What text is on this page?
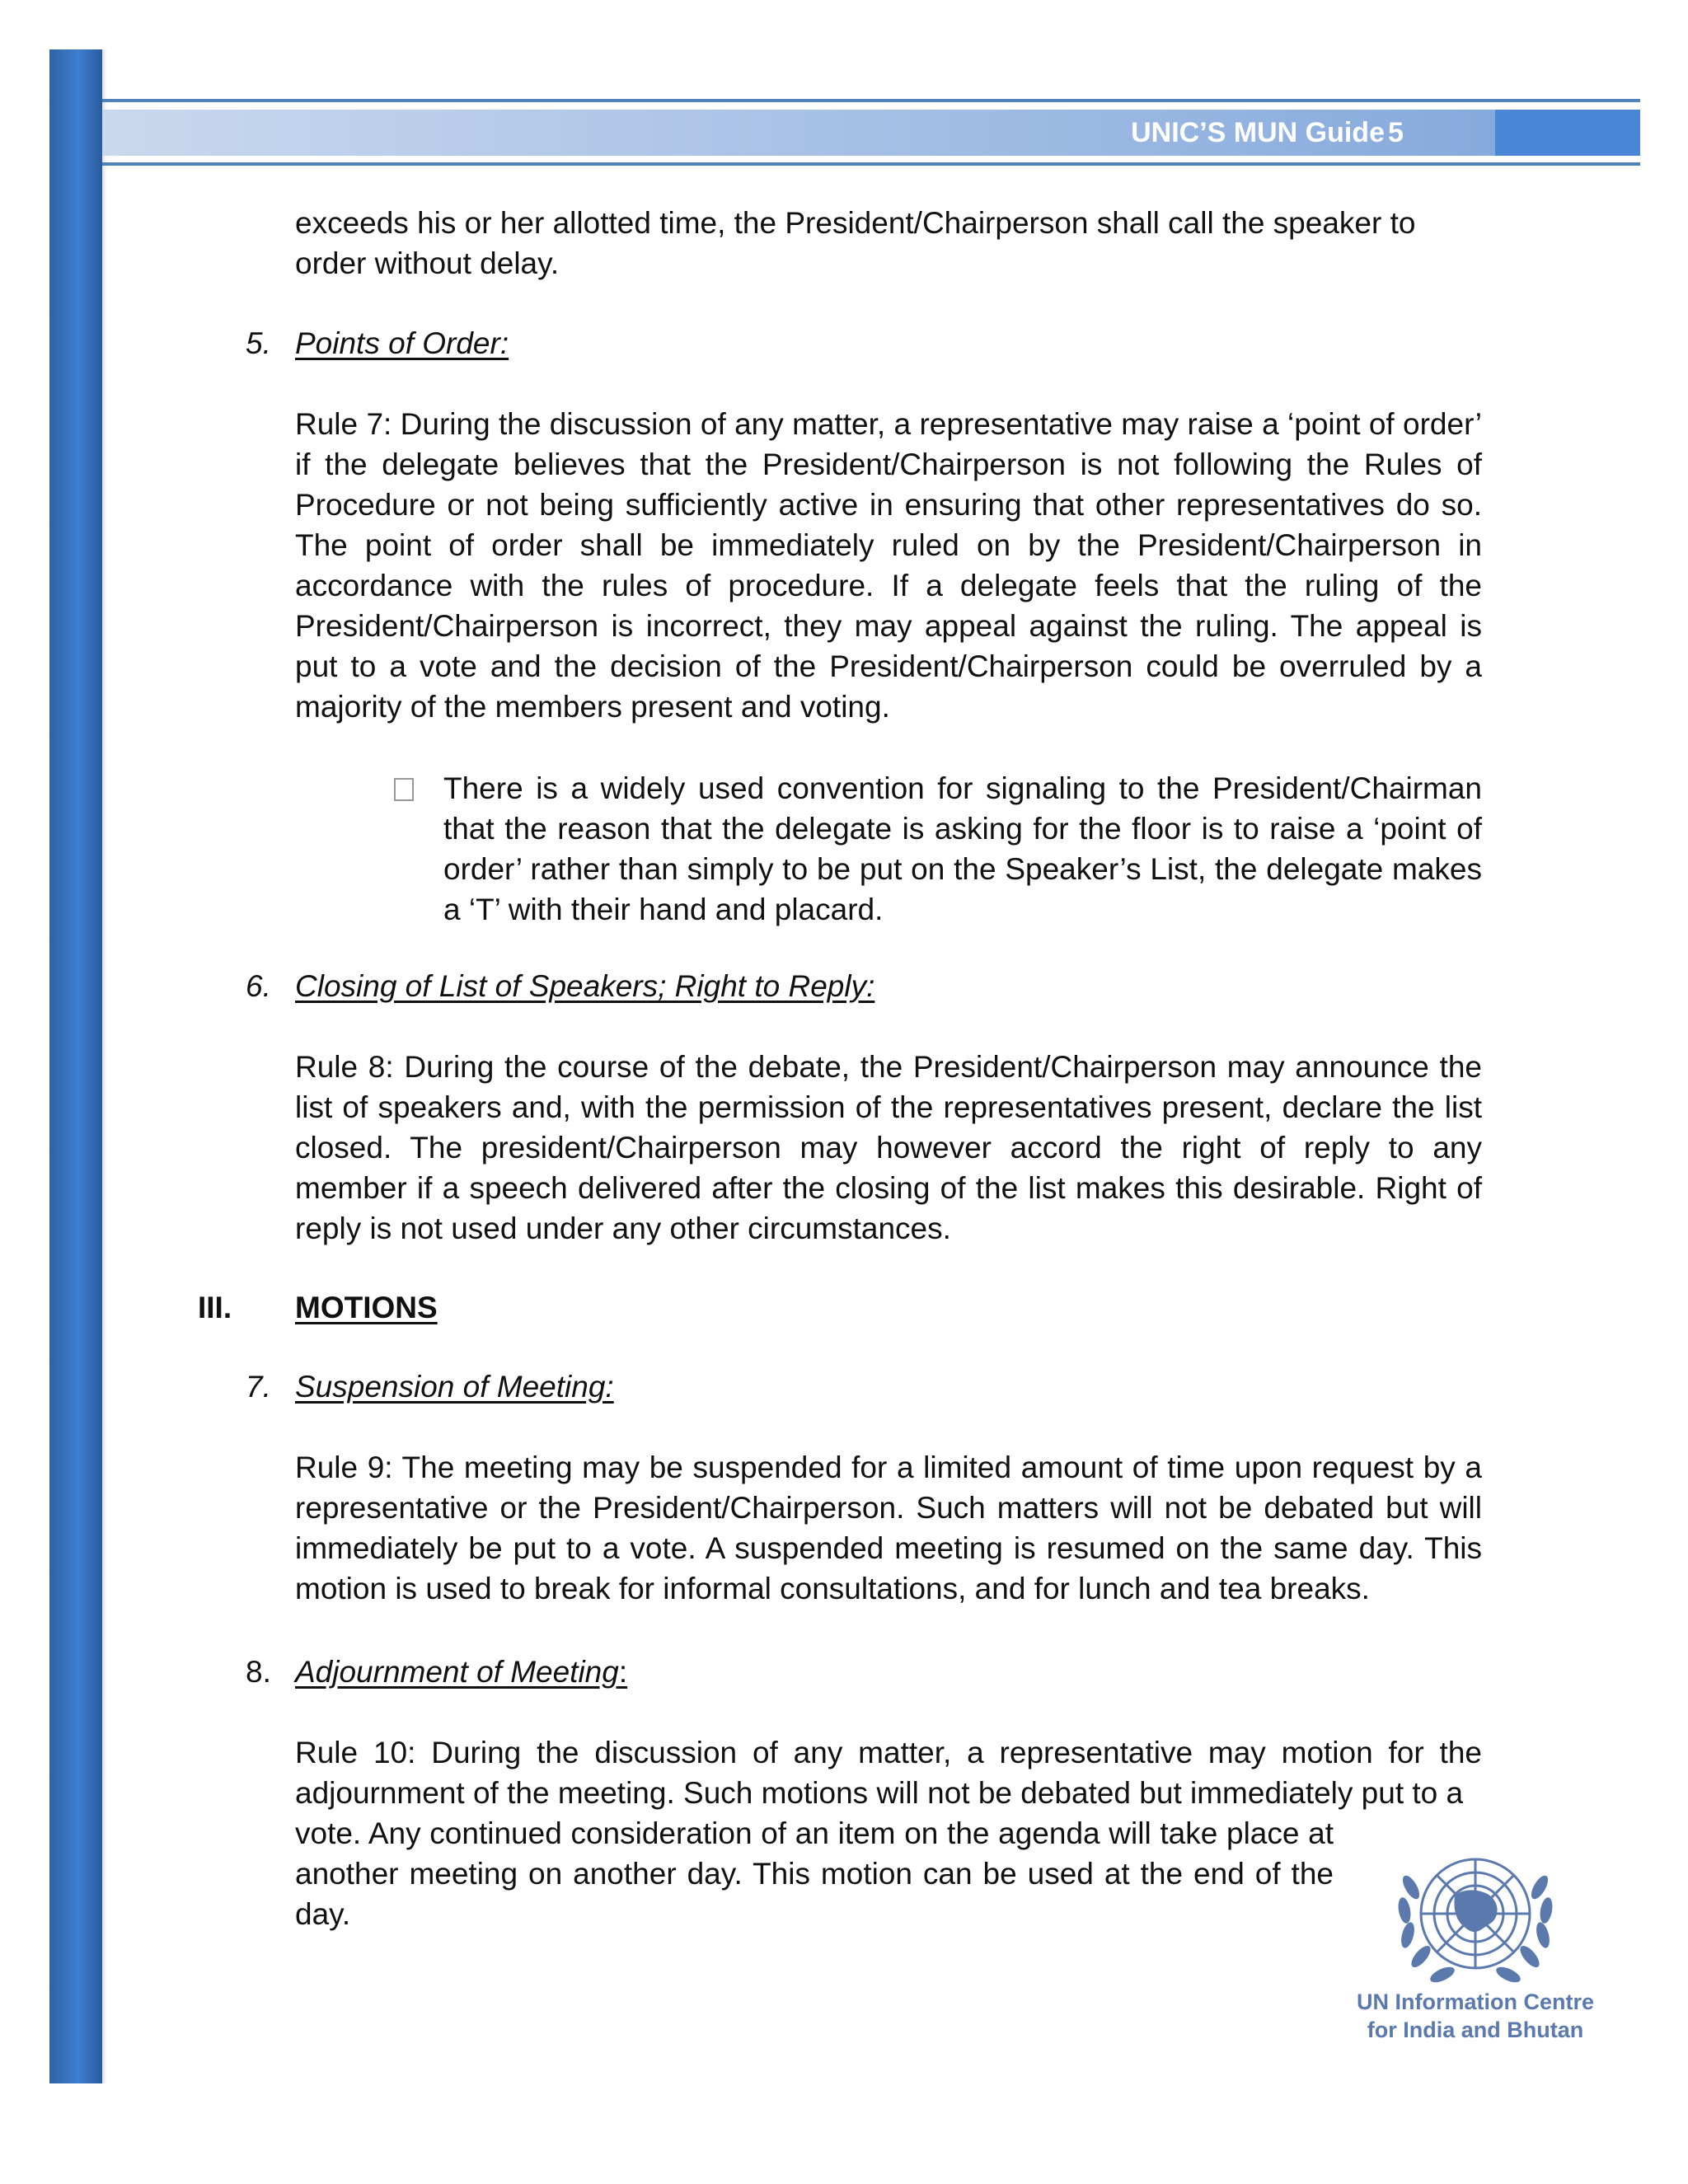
UNIC’S MUN Guide 5
exceeds his or her allotted time, the President/Chairperson shall call the speaker to order without delay.
5. Points of Order:
Rule 7: During the discussion of any matter, a representative may raise a ‘point of order’ if the delegate believes that the President/Chairperson is not following the Rules of Procedure or not being sufficiently active in ensuring that other representatives do so. The point of order shall be immediately ruled on by the President/Chairperson in accordance with the rules of procedure. If a delegate feels that the ruling of the President/Chairperson is incorrect, they may appeal against the ruling. The appeal is put to a vote and the decision of the President/Chairperson could be overruled by a majority of the members present and voting.
There is a widely used convention for signaling to the President/Chairman that the reason that the delegate is asking for the floor is to raise a ‘point of order’ rather than simply to be put on the Speaker’s List, the delegate makes a ‘T’ with their hand and placard.
6. Closing of List of Speakers; Right to Reply:
Rule 8: During the course of the debate, the President/Chairperson may announce the list of speakers and, with the permission of the representatives present, declare the list closed. The president/Chairperson may however accord the right of reply to any member if a speech delivered after the closing of the list makes this desirable. Right of reply is not used under any other circumstances.
III. MOTIONS
7. Suspension of Meeting:
Rule 9: The meeting may be suspended for a limited amount of time upon request by a representative or the President/Chairperson. Such matters will not be debated but will immediately be put to a vote. A suspended meeting is resumed on the same day. This motion is used to break for informal consultations, and for lunch and tea breaks.
8. Adjournment of Meeting:
Rule 10: During the discussion of any matter, a representative may motion for the adjournment of the meeting. Such motions will not be debated but immediately put to a
vote. Any continued consideration of an item on the agenda will take place at another meeting on another day. This motion can be used at the end of the day.
UN Information Centre
for India and Bhutan
